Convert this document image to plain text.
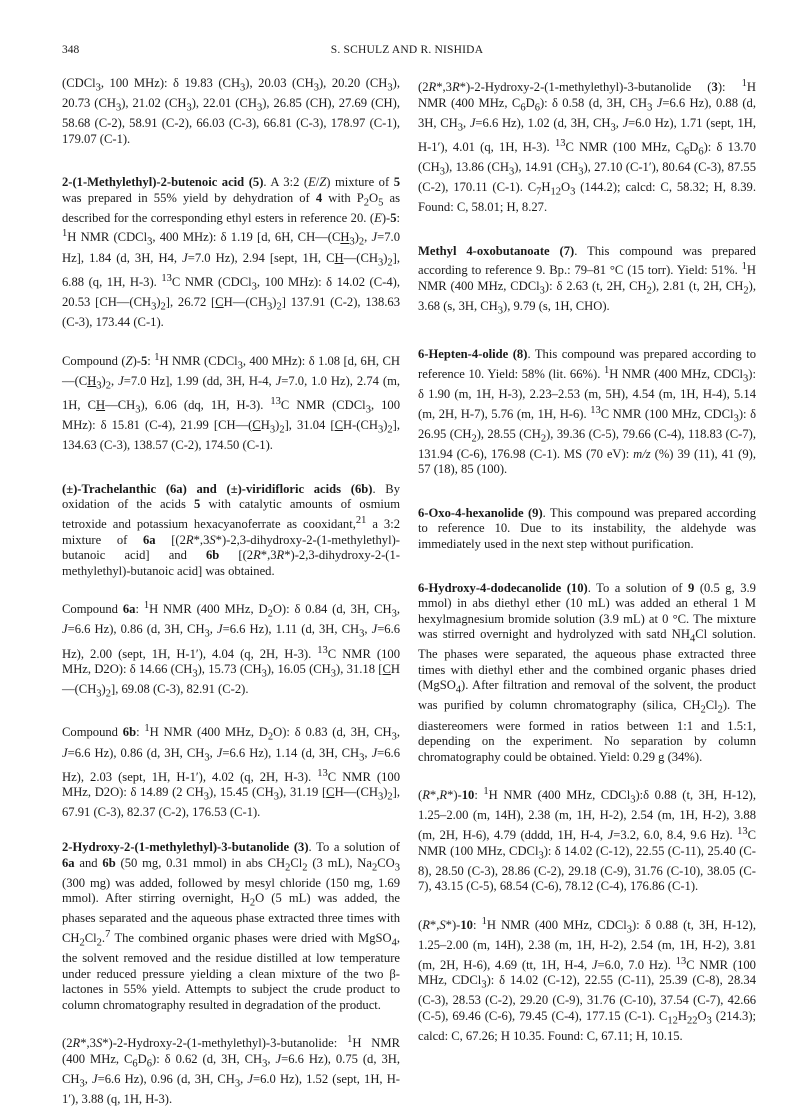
348	S. SCHULZ AND R. NISHIDA

(CDCl$_3$, 100 MHz): δ 19.83 $(CH_3)$, 20.03 $(CH_3)$, 20.20 $(CH_3)$, 20.73 $(CH_3)$, 21.02 $(CH_3)$, 22.01 $(CH_3)$, 26.85 (CH), 27.69 (CH), 58.68 (C-2), 58.91 (C-2), 66.03 (C-3), 66.81 (C-3), 178.97 (C-1), 179.07 (C-1).

2-(1-Methylethyl)-2-butenoic acid (5). A 3:2 (E/Z) mixture of 5 was prepared in 55% yield by dehydration of 4 with $P_2O_5$ as described for the corresponding ethyl esters in reference 20. (E)-5: $^1$H NMR (CDCl$_3$, 400 MHz): δ 1.19 [d, 6H, $CH—(CH_3)_2$, J=7.0 Hz], 1.84 (d, 3H, H4, J=7.0 Hz), 2.94 [sept, 1H, $CH—(CH_3)_2$], 6.88 (q, 1H, H-3). $^{13}$C NMR (CDCl$_3$, 100 MHz): δ 14.02 (C-4), 20.53 $[CH—(CH_3)_2]$, 26.72 $[CH—(CH_3)_2]$ 137.91 (C-2), 138.63 (C-3), 173.44 (C-1).

Compound (Z)-5: $^1$H NMR (CDCl$_3$, 400 MHz): δ 1.08 [d, 6H, $CH—(CH_3)_2$, J=7.0 Hz], 1.99 (dd, 3H, H-4, J=7.0, 1.0 Hz), 2.74 (m, 1H, $CH—CH_3$), 6.06 (dq, 1H, H-3). $^{13}$C NMR (CDCl$_3$, 100 MHz): δ 15.81 (C-4), 21.99 $[CH—(CH_3)_2]$, 31.04 $[CH-(CH_3)_2]$, 134.63 (C-3), 138.57 (C-2), 174.50 (C-1).

(±)-Trachelanthic (6a) and (±)-viridifloric acids (6b). By oxidation of the acids 5 with catalytic amounts of osmium tetroxide and potassium hexacyanoferrate as cooxidant,$^{21}$ a 3:2 mixture of 6a [(2R*,3S*)-2,3-dihydroxy-2-(1-methylethyl)-butanoic acid] and 6b [(2R*,3R*)-2,3-dihydroxy-2-(1-methylethyl)-butanoic acid] was obtained.

Compound 6a: $^1$H NMR (400 MHz, $D_2O$): δ 0.84 (d, 3H, $CH_3$, J=6.6 Hz), 0.86 (d, 3H, $CH_3$, J=6.6 Hz), 1.11 (d, 3H, $CH_3$, J=6.6 Hz), 2.00 (sept, 1H, H-1′), 4.04 (q, 2H, H-3). $^{13}$C NMR (100 MHz, D2O): δ 14.66 $(CH_3)$, 15.73 $(CH_3)$, 16.05 $(CH_3)$, 31.18 $[CH—(CH_3)_2]$, 69.08 (C-3), 82.91 (C-2).

Compound 6b: $^1$H NMR (400 MHz, $D_2O$): δ 0.83 (d, 3H, $CH_3$, J=6.6 Hz), 0.86 (d, 3H, $CH_3$, J=6.6 Hz), 1.14 (d, 3H, $CH_3$, J=6.6 Hz), 2.03 (sept, 1H, H-1′), 4.02 (q, 2H, H-3). $^{13}$C NMR (100 MHz, D2O): δ 14.89 (2 $CH_3$), 15.45 $(CH_3)$, 31.19 $[CH—(CH_3)_2]$, 67.91 (C-3), 82.37 (C-2), 176.53 (C-1).

2-Hydroxy-2-(1-methylethyl)-3-butanolide (3). To a solution of 6a and 6b (50 mg, 0.31 mmol) in abs $CH_2Cl_2$ (3 mL), $Na_2CO_3$ (300 mg) was added, followed by mesyl chloride (150 mg, 1.69 mmol). After stirring overnight, $H_2O$ (5 mL) was added, the phases separated and the aqueous phase extracted three times with $CH_2Cl_2.^7$ The combined organic phases were dried with MgSO$_4$, the solvent removed and the residue distilled at low temperature under reduced pressure yielding a clean mixture of the two β-lactones in 55% yield. Attempts to subject the crude product to column chromatography resulted in degradation of the product.

(2R*,3S*)-2-Hydroxy-2-(1-methylethyl)-3-butanolide: $^1$H NMR (400 MHz, $C_6D_6$): δ 0.62 (d, 3H, $CH_3$, J=6.6 Hz), 0.75 (d, 3H, $CH_3$, J=6.6 Hz), 0.96 (d, 3H, $CH_3$, J=6.0 Hz), 1.52 (sept, 1H, H-1′), 3.88 (q, 1H, H-3).

(2R*,3R*)-2-Hydroxy-2-(1-methylethyl)-3-butanolide (3): $^1$H NMR (400 MHz, $C_6D_6$): δ 0.58 (d, 3H, $CH_3$ J=6.6 Hz), 0.88 (d, 3H, $CH_3$, J=6.6 Hz), 1.02 (d, 3H, $CH_3$, J=6.0 Hz), 1.71 (sept, 1H, H-1′), 4.01 (q, 1H, H-3). $^{13}$C NMR (100 MHz, $C_6D_6$): δ 13.70 $(CH_3)$, 13.86 $(CH_3)$, 14.91 $(CH_3)$, 27.10 (C-1′), 80.64 (C-3), 87.55 (C-2), 170.11 (C-1). $C_7H_{12}O_3$ (144.2); calcd: C, 58.32; H, 8.39. Found: C, 58.01; H, 8.27.

Methyl 4-oxobutanoate (7). This compound was prepared according to reference 9. Bp.: 79–81 °C (15 torr). Yield: 51%. $^1$H NMR (400 MHz, CDCl$_3$): δ 2.63 (t, 2H, $CH_2$), 2.81 (t, 2H, $CH_2$), 3.68 (s, 3H, $CH_3$), 9.79 (s, 1H, CHO).

6-Hepten-4-olide (8). This compound was prepared according to reference 10. Yield: 58% (lit. 66%). $^1$H NMR (400 MHz, CDCl$_3$): δ 1.90 (m, 1H, H-3), 2.23–2.53 (m, 5H), 4.54 (m, 1H, H-4), 5.14 (m, 2H, H-7), 5.76 (m, 1H, H-6). $^{13}$C NMR (100 MHz, CDCl$_3$): δ 26.95 $(CH_2)$, 28.55 $(CH_2)$, 39.36 (C-5), 79.66 (C-4), 118.83 (C-7), 131.94 (C-6), 176.98 (C-1). MS (70 eV): m/z (%) 39 (11), 41 (9), 57 (18), 85 (100).

6-Oxo-4-hexanolide (9). This compound was prepared according to reference 10. Due to its instability, the aldehyde was immediately used in the next step without purification.

6-Hydroxy-4-dodecanolide (10). To a solution of 9 (0.5 g, 3.9 mmol) in abs diethyl ether (10 mL) was added an etheral 1 M hexylmagnesium bromide solution (3.9 mL) at 0 °C. The mixture was stirred overnight and hydrolyzed with satd $NH_4Cl$ solution. The phases were separated, the aqueous phase extracted three times with diethyl ether and the combined organic phases dried (MgSO$_4$). After filtration and removal of the solvent, the product was purified by column chromatography (silica, $CH_2Cl_2$). The diastereomers were formed in ratios between 1:1 and 1.5:1, depending on the experiment. No separation by column chromatography could be obtained. Yield: 0.29 g (34%).

(R*,R*)-10: $^1$H NMR (400 MHz, CDCl$_3$):δ 0.88 (t, 3H, H-12), 1.25–2.00 (m, 14H), 2.38 (m, 1H, H-2), 2.54 (m, 1H, H-2), 3.88 (m, 2H, H-6), 4.79 (dddd, 1H, H-4, J=3.2, 6.0, 8.4, 9.6 Hz). $^{13}$C NMR (100 MHz, CDCl$_3$): δ 14.02 (C-12), 22.55 (C-11), 25.40 (C-8), 28.50 (C-3), 28.86 (C-2), 29.18 (C-9), 31.76 (C-10), 38.05 (C-7), 43.15 (C-5), 68.54 (C-6), 78.12 (C-4), 176.86 (C-1).

(R*,S*)-10: $^1$H NMR (400 MHz, CDCl$_3$): δ 0.88 (t, 3H, H-12), 1.25–2.00 (m, 14H), 2.38 (m, 1H, H-2), 2.54 (m, 1H, H-2), 3.81 (m, 2H, H-6), 4.69 (tt, 1H, H-4, J=6.0, 7.0 Hz). $^{13}$C NMR (100 MHz, CDCl$_3$): δ 14.02 (C-12), 22.55 (C-11), 25.39 (C-8), 28.34 (C-3), 28.53 (C-2), 29.20 (C-9), 31.76 (C-10), 37.54 (C-7), 42.66 (C-5), 69.46 (C-6), 79.45 (C-4), 177.15 (C-1). $C_{12}H_{22}O_3$ (214.3); calcd: C, 67.26; H 10.35. Found: C, 67.11; H, 10.15.
